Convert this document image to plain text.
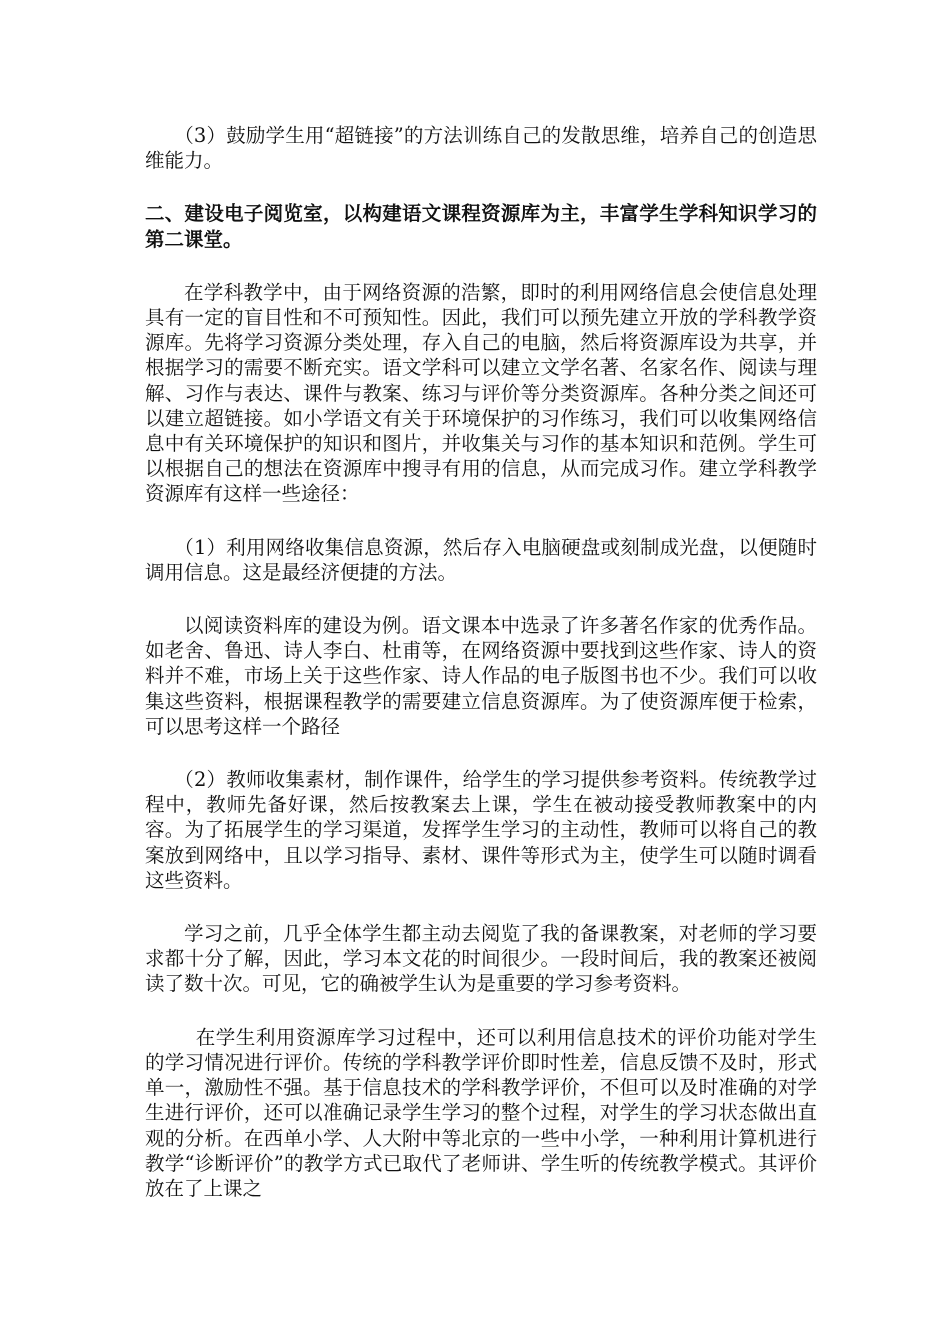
（3）鼓励学生用“超链接”的方法训练自己的发散思维，培养自己的创造思维能力。

二、建设电子阅览室，以构建语文课程资源库为主，丰富学生学科知识学习的第二课堂。

在学科教学中，由于网络资源的浩繁，即时的利用网络信息会使信息处理具有一定的盲目性和不可预知性。因此，我们可以预先建立开放的学科教学资源库。先将学习资源分类处理，存入自己的电脑，然后将资源库设为共享，并根据学习的需要不断充实。语文学科可以建立文学名著、名家名作、阅读与理解、习作与表达、课件与教案、练习与评价等分类资源库。各种分类之间还可以建立超链接。如小学语文有关于环境保护的习作练习，我们可以收集网络信息中有关环境保护的知识和图片，并收集关与习作的基本知识和范例。学生可以根据自己的想法在资源库中搜寻有用的信息，从而完成习作。建立学科教学资源库有这样一些途径：

（1）利用网络收集信息资源，然后存入电脑硬盘或刻制成光盘，以便随时调用信息。这是最经济便捷的方法。

以阅读资料库的建设为例。语文课本中选录了许多著名作家的优秀作品。如老舍、鲁迅、诗人李白、杜甫等，在网络资源中要找到这些作家、诗人的资料并不难，市场上关于这些作家、诗人作品的电子版图书也不少。我们可以收集这些资料，根据课程教学的需要建立信息资源库。为了使资源库便于检索，可以思考这样一个路径

（2）教师收集素材，制作课件，给学生的学习提供参考资料。传统教学过程中，教师先备好课，然后按教案去上课，学生在被动接受教师教案中的内容。为了拓展学生的学习渠道，发挥学生学习的主动性，教师可以将自己的教案放到网络中，且以学习指导、素材、课件等形式为主，使学生可以随时调看这些资料。

学习之前，几乎全体学生都主动去阅览了我的备课教案，对老师的学习要求都十分了解，因此，学习本文花的时间很少。一段时间后，我的教案还被阅读了数十次。可见，它的确被学生认为是重要的学习参考资料。

在学生利用资源库学习过程中，还可以利用信息技术的评价功能对学生的学习情况进行评价。传统的学科教学评价即时性差，信息反馈不及时，形式单一，激励性不强。基于信息技术的学科教学评价，不但可以及时准确的对学生进行评价，还可以准确记录学生学习的整个过程，对学生的学习状态做出直观的分析。在西单小学、人大附中等北京的一些中小学，一种利用计算机进行教学“诊断评价”的教学方式已取代了老师讲、学生听的传统教学模式。其评价放在了上课之
